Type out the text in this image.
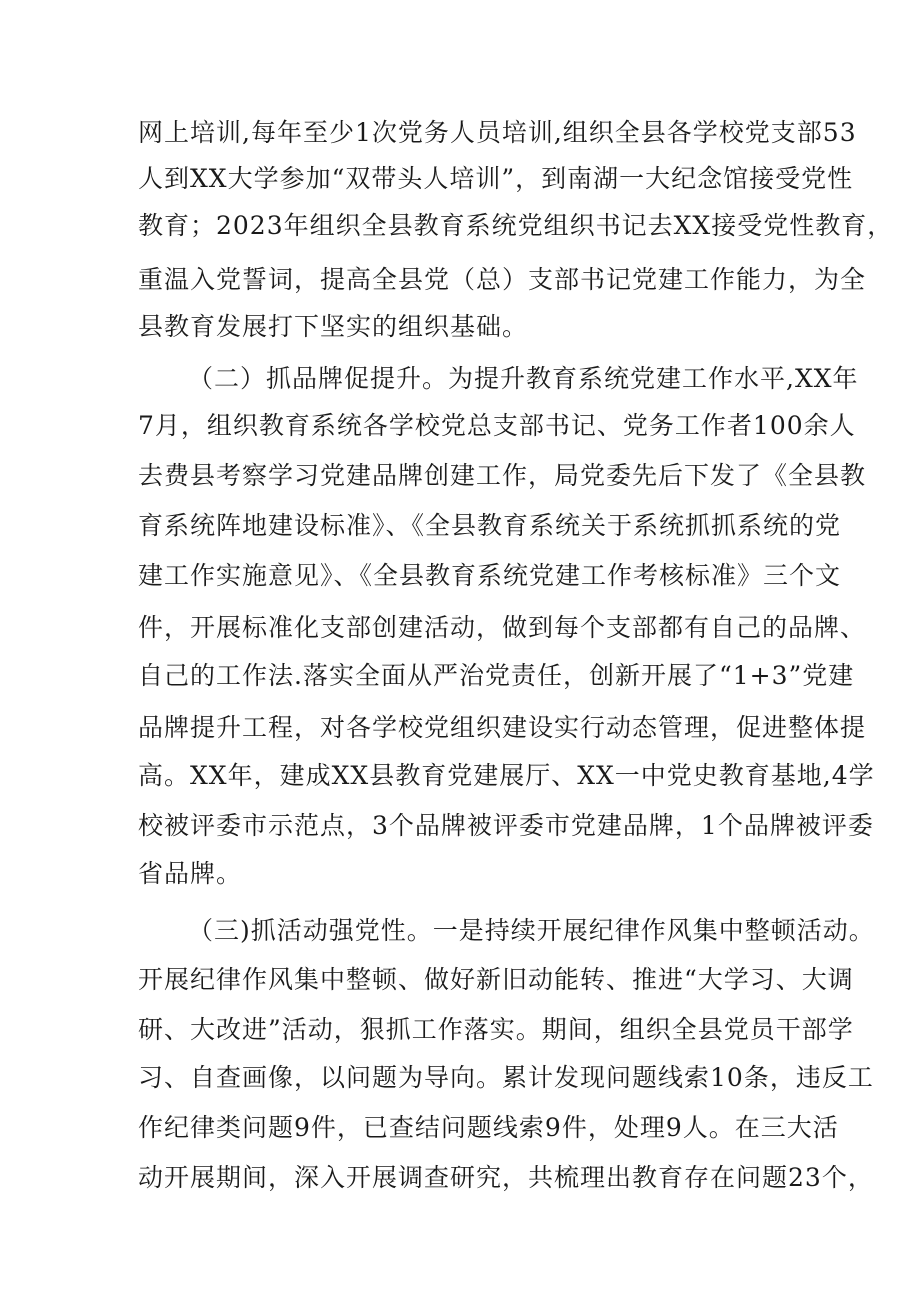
网上培训,每年至少1次党务人员培训,组织全县各学校党支部53
人到XX大学参加“双带头人培训”，到南湖一大纪念馆接受党性
教育；2023年组织全县教育系统党组织书记去XX接受党性教育，
重温入党誓词，提高全县党（总）支部书记党建工作能力，为全
县教育发展打下坚实的组织基础。
（二）抓品牌促提升。为提升教育系统党建工作水平,XX年
7月，组织教育系统各学校党总支部书记、党务工作者100余人
去费县考察学习党建品牌创建工作，局党委先后下发了《全县教
育系统阵地建设标准》、《全县教育系统关于系统抓抓系统的党
建工作实施意见》、《全县教育系统党建工作考核标准》三个文
件，开展标准化支部创建活动，做到每个支部都有自己的品牌、
自己的工作法.落实全面从严治党责任，创新开展了“1+3”党建
品牌提升工程，对各学校党组织建设实行动态管理，促进整体提
高。XX年，建成XX县教育党建展厅、XX一中党史教育基地,4学
校被评委市示范点，3个品牌被评委市党建品牌，1个品牌被评委
省品牌。
（三)抓活动强党性。一是持续开展纪律作风集中整顿活动。
开展纪律作风集中整顿、做好新旧动能转、推进“大学习、大调
研、大改进”活动，狠抓工作落实。期间，组织全县党员干部学
习、自查画像，以问题为导向。累计发现问题线索10条，违反工
作纪律类问题9件，已查结问题线索9件，处理9人。在三大活
动开展期间，深入开展调查研究，共梳理出教育存在问题23个，
